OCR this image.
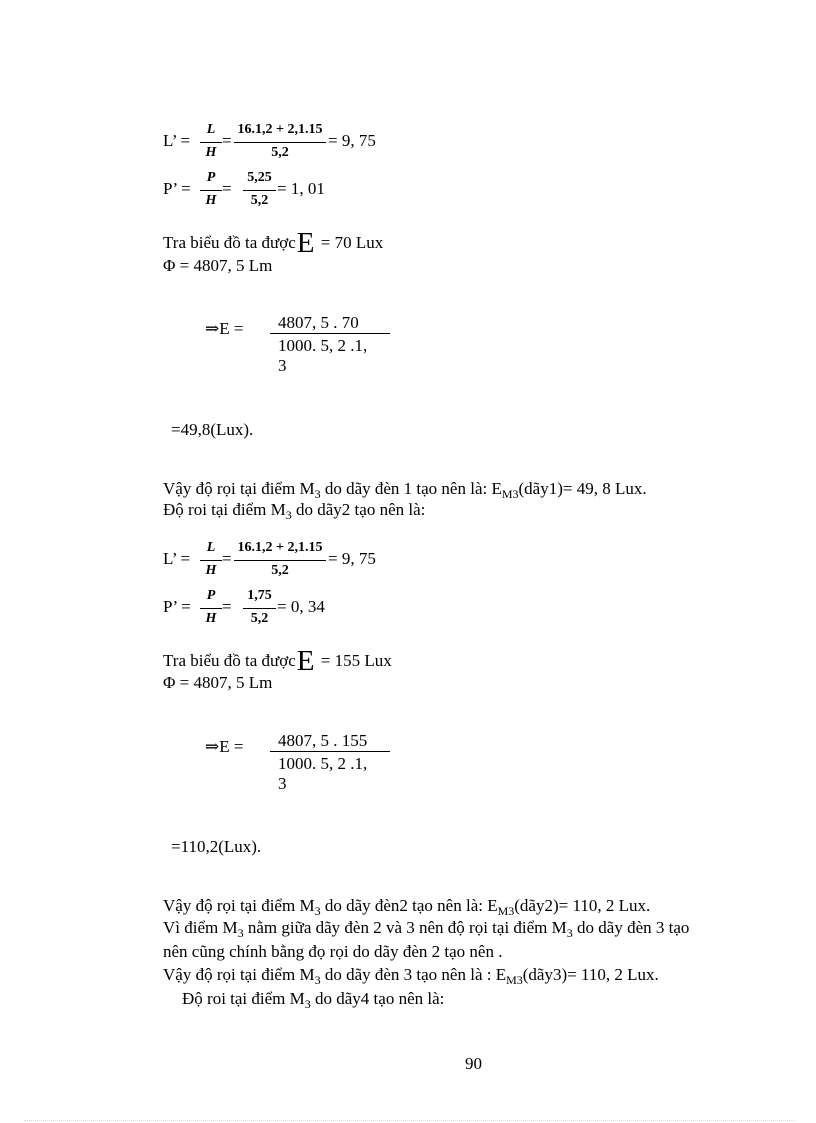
L’ =
L
H
=
16.1,2 + 2,1.15
5,2
= 9, 75
P’ =
P
H
=
5,25
5,2
= 1, 01
Tra biểu đồ ta đượcE = 70 Lux
Φ = 4807, 5 Lm
⇒E = 4807, 5 . 70
1000. 5, 2 .1,
3
=49,8(Lux).
Vậy độ rọi tại điểm $M_3$ do dãy đèn 1 tạo nên là: $E_{M3}(dãy1)= 49$, 8 Lux.
Độ roi tại điểm $M_3$ do dãy2 tạo nên là:
L’ =
L
H
=
16.1,2 + 2,1.15
5,2
= 9, 75
P’ =
P
H
=
1,75
5,2
= 0, 34
Tra biểu đồ ta đượcE = 155 Lux
Φ = 4807, 5 Lm
⇒E = 4807, 5 . 155
1000. 5, 2 .1,
3
=110,2(Lux).
Vậy độ rọi tại điểm $M_3$ do dãy đèn2 tạo nên là: $E_{M3}(dãy2)= 110$, 2 Lux.
Vì điểm $M_3$ nằm giữa dãy đèn 2 và 3 nên độ rọi tại điểm $M_3$ do dãy đèn 3 tạo
nên cũng chính bằng đọ rọi do dãy đèn 2 tạo nên .
Vậy độ rọi tại điểm $M_3$ do dãy đèn 3 tạo nên là : $E_{M3}(dãy3)= 110$, 2 Lux.
Độ roi tại điểm $M_3$ do dãy4 tạo nên là:
90
